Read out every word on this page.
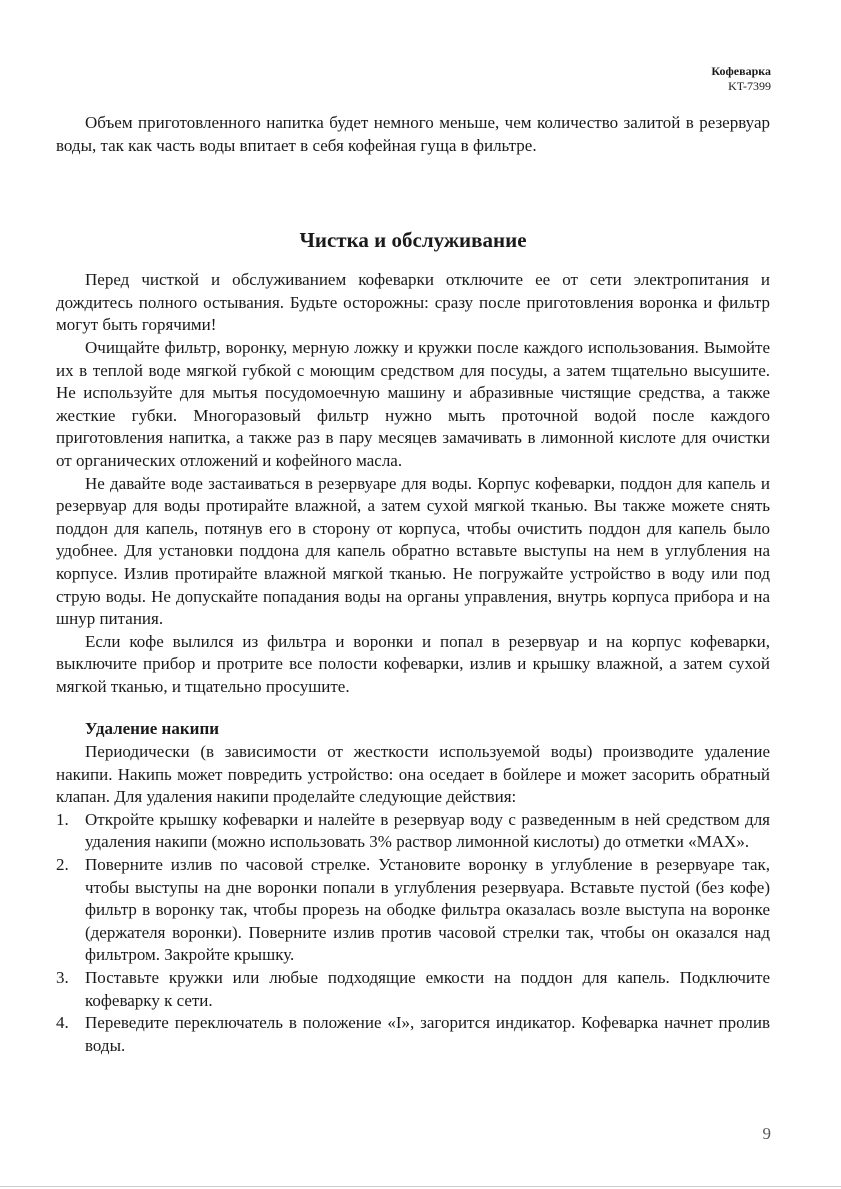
Кофеварка
KT-7399

Объем приготовленного напитка будет немного меньше, чем количество залитой в резервуар воды, так как часть воды впитает в себя кофейная гуща в фильтре.

Чистка и обслуживание

Перед чисткой и обслуживанием кофеварки отключите ее от сети электропитания и дождитесь полного остывания. Будьте осторожны: сразу после приготовления воронка и фильтр могут быть горячими!

Очищайте фильтр, воронку, мерную ложку и кружки после каждого использования. Вымойте их в теплой воде мягкой губкой с моющим средством для посуды, а затем тщательно высушите. Не используйте для мытья посудомоечную машину и абразивные чистящие средства, а также жесткие губки. Многоразовый фильтр нужно мыть проточной водой после каждого приготовления напитка, а также раз в пару месяцев замачивать в лимонной кислоте для очистки от органических отложений и кофейного масла.

Не давайте воде застаиваться в резервуаре для воды. Корпус кофеварки, поддон для капель и резервуар для воды протирайте влажной, а затем сухой мягкой тканью. Вы также можете снять поддон для капель, потянув его в сторону от корпуса, чтобы очистить поддон для капель было удобнее. Для установки поддона для капель обратно вставьте выступы на нем в углубления на корпусе. Излив протирайте влажной мягкой тканью. Не погружайте устройство в воду или под струю воды. Не допускайте попадания воды на органы управления, внутрь корпуса прибора и на шнур питания.

Если кофе вылился из фильтра и воронки и попал в резервуар и на корпус кофеварки, выключите прибор и протрите все полости кофеварки, излив и крышку влажной, а затем сухой мягкой тканью, и тщательно просушите.

Удаление накипи

Периодически (в зависимости от жесткости используемой воды) производите удаление накипи. Накипь может повредить устройство: она оседает в бойлере и может засорить обратный клапан. Для удаления накипи проделайте следующие действия:

1. Откройте крышку кофеварки и налейте в резервуар воду с разведенным в ней средством для удаления накипи (можно использовать 3% раствор лимонной кислоты) до отметки «MAX».
2. Поверните излив по часовой стрелке. Установите воронку в углубление в резервуаре так, чтобы выступы на дне воронки попали в углубления резервуара. Вставьте пустой (без кофе) фильтр в воронку так, чтобы прорезь на ободке фильтра оказалась возле выступа на воронке (держателя воронки). Поверните излив против часовой стрелки так, чтобы он оказался над фильтром. Закройте крышку.
3. Поставьте кружки или любые подходящие емкости на поддон для капель. Подключите кофеварку к сети.
4. Переведите переключатель в положение «I», загорится индикатор. Кофеварка начнет пролив воды.
9
